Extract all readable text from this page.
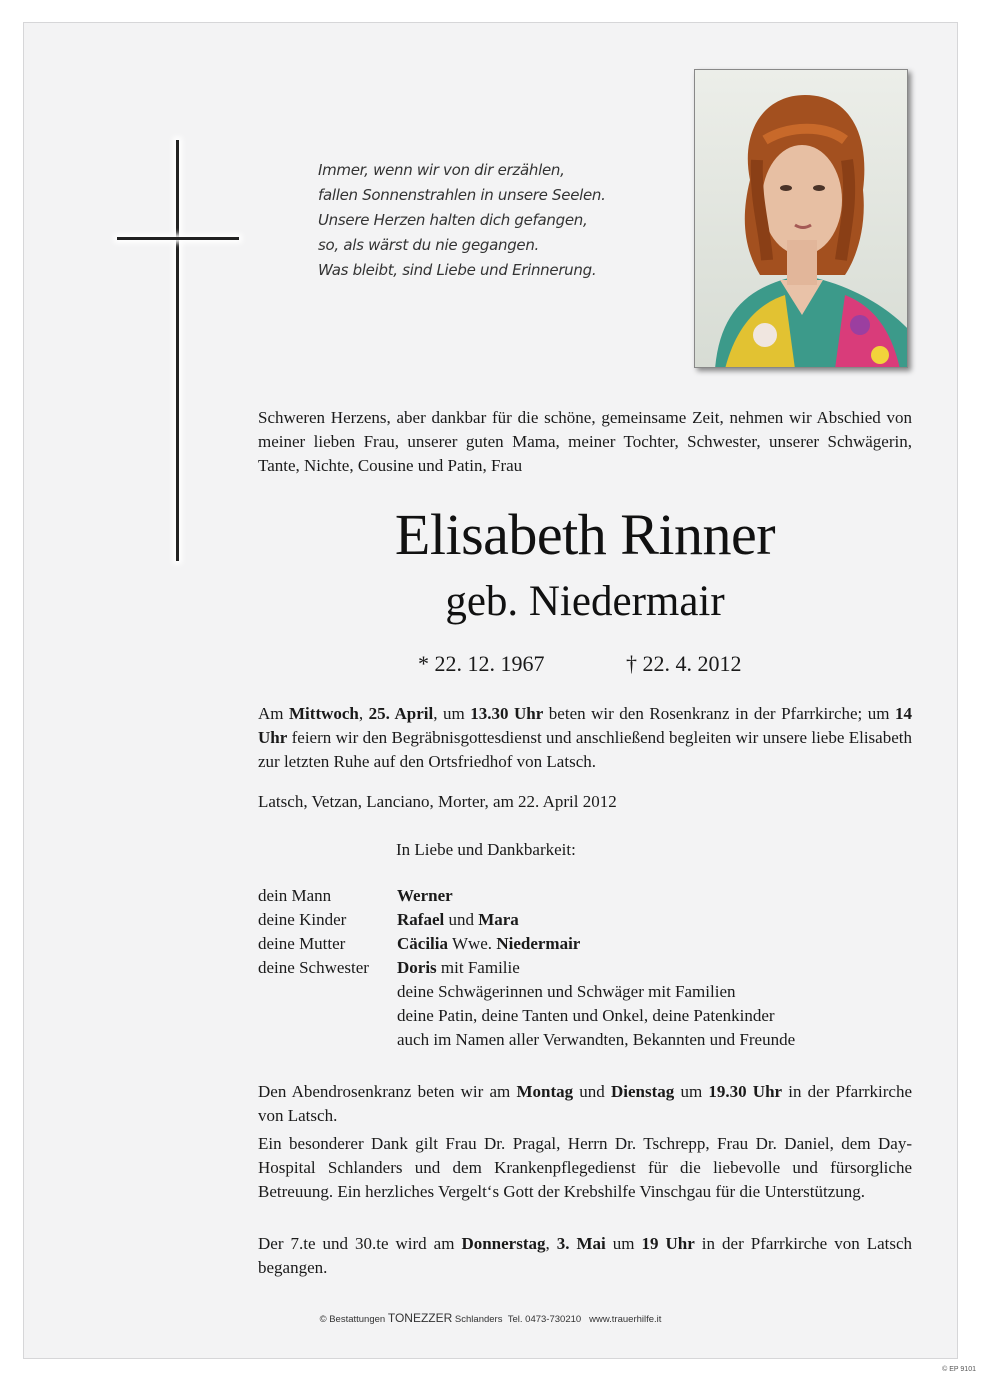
Immer, wenn wir von dir erzählen,
fallen Sonnenstrahlen in unsere Seelen.
Unsere Herzen halten dich gefangen,
so, als wärst du nie gegangen.
Was bleibt, sind Liebe und Erinnerung.
Schweren Herzens, aber dankbar für die schöne, gemeinsame Zeit, nehmen wir Abschied von meiner lieben Frau, unserer guten Mama, meiner Tochter, Schwester, unserer Schwägerin, Tante, Nichte, Cousine und Patin, Frau
Elisabeth Rinner
geb. Niedermair
* 22. 12. 1967	† 22. 4. 2012
Am Mittwoch, 25. April, um 13.30 Uhr beten wir den Rosenkranz in der Pfarrkirche; um 14 Uhr feiern wir den Begräbnisgottesdienst und anschließend begleiten wir unsere liebe Elisabeth zur letzten Ruhe auf den Ortsfriedhof von Latsch.
Latsch, Vetzan, Lanciano, Morter, am 22. April 2012
In Liebe und Dankbarkeit:
dein Mann	Werner
deine Kinder	Rafael und Mara
deine Mutter	Cäcilia Wwe. Niedermair
deine Schwester	Doris mit Familie
deine Schwägerinnen und Schwäger mit Familien
deine Patin, deine Tanten und Onkel, deine Patenkinder
auch im Namen aller Verwandten, Bekannten und Freunde
Den Abendrosenkranz beten wir am Montag und Dienstag um 19.30 Uhr in der Pfarrkirche von Latsch.
Ein besonderer Dank gilt Frau Dr. Pragal, Herrn Dr. Tschrepp, Frau Dr. Daniel, dem Day-Hospital Schlanders und dem Krankenpflegedienst für die liebevolle und fürsorgliche Betreuung. Ein herzliches Vergelt‘s Gott der Krebshilfe Vinschgau für die Unterstützung.
Der 7.te und 30.te wird am Donnerstag, 3. Mai um 19 Uhr in der Pfarrkirche von Latsch begangen.
© Bestattungen TONEZZER Schlanders Tel. 0473-730210 www.trauerhilfe.it
© EP 9101
